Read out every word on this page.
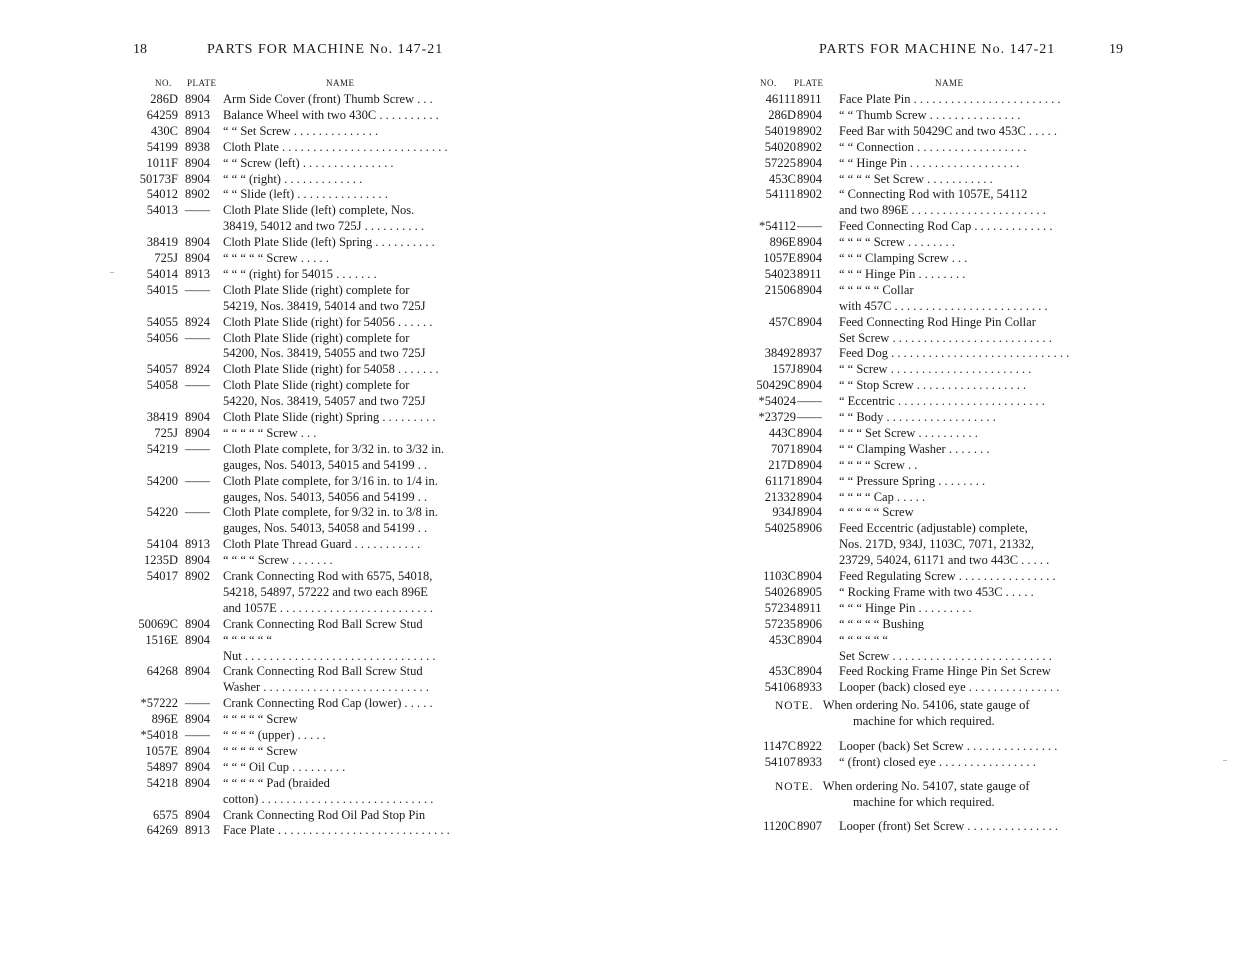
18	PARTS FOR MACHINE No. 147-21
NO. PLATE	NAME
286D 8904 Arm Side Cover (front) Thumb Screw . . .
64259 8913 Balance Wheel with two 430C . . . . . . . . . .
430C 8904 “ “ Set Screw . . . . . . . . . . . . . .
54199 8938 Cloth Plate . . . . . . . . . . . . . . . . . . . . . . . . . . .
1011F 8904 “ “ Screw (left) . . . . . . . . . . . . . . .
50173F 8904 “ “ “ (right) . . . . . . . . . . . . .
54012 8902 “ “ Slide (left) . . . . . . . . . . . . . . .
54013 —— Cloth Plate Slide (left) complete, Nos.
38419, 54012 and two 725J . . . . . . . . . .
38419 8904 Cloth Plate Slide (left) Spring . . . . . . . . . .
725J 8904 “ “ “ “ “ Screw . . . . .
54014 8913 “ “ “ (right) for 54015 . . . . . . .
54015 —— Cloth Plate Slide (right) complete for
54219, Nos. 38419, 54014 and two 725J
54055 8924 Cloth Plate Slide (right) for 54056 . . . . . .
54056 —— Cloth Plate Slide (right) complete for
54200, Nos. 38419, 54055 and two 725J
54057 8924 Cloth Plate Slide (right) for 54058 . . . . . . .
54058 —— Cloth Plate Slide (right) complete for
54220, Nos. 38419, 54057 and two 725J
38419 8904 Cloth Plate Slide (right) Spring . . . . . . . . .
725J 8904 “ “ “ “ “ Screw . . .
54219 —— Cloth Plate complete, for 3/32 in. to 3/32 in.
gauges, Nos. 54013, 54015 and 54199 . .
54200 —— Cloth Plate complete, for 3/16 in. to 1/4 in.
gauges, Nos. 54013, 54056 and 54199 . .
54220 —— Cloth Plate complete, for 9/32 in. to 3/8 in.
gauges, Nos. 54013, 54058 and 54199 . .
54104 8913 Cloth Plate Thread Guard . . . . . . . . . . .
1235D 8904 “ “ “ “ Screw . . . . . . .
54017 8902 Crank Connecting Rod with 6575, 54018,
54218, 54897, 57222 and two each 896E
and 1057E . . . . . . . . . . . . . . . . . . . . . . . . .
50069C 8904 Crank Connecting Rod Ball Screw Stud
1516E 8904 “ “ “ “ “ “
Nut . . . . . . . . . . . . . . . . . . . . . . . . . . . . . . .
64268 8904 Crank Connecting Rod Ball Screw Stud
Washer . . . . . . . . . . . . . . . . . . . . . . . . . . .
*57222 —— Crank Connecting Rod Cap (lower) . . . . .
896E 8904 “ “ “ “ “ Screw
*54018 —— “ “ “ “ (upper) . . . . .
1057E 8904 “ “ “ “ “ Screw
54897 8904 “ “ “ Oil Cup . . . . . . . . .
54218 8904 “ “ “ “ “ Pad (braided
cotton) . . . . . . . . . . . . . . . . . . . . . . . . . . . .
6575 8904 Crank Connecting Rod Oil Pad Stop Pin
64269 8913 Face Plate . . . . . . . . . . . . . . . . . . . . . . . . . . . .
PARTS FOR MACHINE No. 147-21	19
NO. PLATE	NAME
46111 8911 Face Plate Pin . . . . . . . . . . . . . . . . . . . . . . . .
286D 8904 “ “ Thumb Screw . . . . . . . . . . . . . . .
54019 8902 Feed Bar with 50429C and two 453C . . . . .
54020 8902 “ “ Connection . . . . . . . . . . . . . . . . . .
57225 8904 “ “ Hinge Pin . . . . . . . . . . . . . . . . . .
453C 8904 “ “ “ “ Set Screw . . . . . . . . . . .
54111 8902 “ Connecting Rod with 1057E, 54112
and two 896E . . . . . . . . . . . . . . . . . . . . . .
*54112 —— Feed Connecting Rod Cap . . . . . . . . . . . . .
896E 8904 “ “ “ “ Screw . . . . . . . .
1057E 8904 “ “ “ Clamping Screw . . .
54023 8911 “ “ “ Hinge Pin . . . . . . . .
21506 8904 “ “ “ “ “ Collar
with 457C . . . . . . . . . . . . . . . . . . . . . . . . .
457C 8904 Feed Connecting Rod Hinge Pin Collar
Set Screw . . . . . . . . . . . . . . . . . . . . . . . . . .
38492 8937 Feed Dog . . . . . . . . . . . . . . . . . . . . . . . . . . . . .
157J 8904 “ “ Screw . . . . . . . . . . . . . . . . . . . . . . .
50429C 8904 “ “ Stop Screw . . . . . . . . . . . . . . . . . .
*54024 —— “ Eccentric . . . . . . . . . . . . . . . . . . . . . . . .
*23729 —— “ “ Body . . . . . . . . . . . . . . . . . .
443C 8904 “ “ “ Set Screw . . . . . . . . . .
7071 8904 “ “ Clamping Washer . . . . . . .
217D 8904 “ “ “ “ Screw . .
61171 8904 “ “ Pressure Spring . . . . . . . .
21332 8904 “ “ “ “ Cap . . . . .
934J 8904 “ “ “ “ “ Screw
54025 8906 Feed Eccentric (adjustable) complete,
Nos. 217D, 934J, 1103C, 7071, 21332,
23729, 54024, 61171 and two 443C . . . . .
1103C 8904 Feed Regulating Screw . . . . . . . . . . . . . . . .
54026 8905 “ Rocking Frame with two 453C . . . . .
57234 8911 “ “ “ Hinge Pin . . . . . . . . .
57235 8906 “ “ “ “ “ Bushing
453C 8904 “ “ “ “ “ “
Set Screw . . . . . . . . . . . . . . . . . . . . . . . . . .
453C 8904 Feed Rocking Frame Hinge Pin Set Screw
54106 8933 Looper (back) closed eye . . . . . . . . . . . . . . .
NOTE. When ordering No. 54106, state gauge of
machine for which required.
1147C 8922 Looper (back) Set Screw . . . . . . . . . . . . . . .
54107 8933 “ (front) closed eye . . . . . . . . . . . . . . . .
NOTE. When ordering No. 54107, state gauge of
machine for which required.
1120C 8907 Looper (front) Set Screw . . . . . . . . . . . . . . .
